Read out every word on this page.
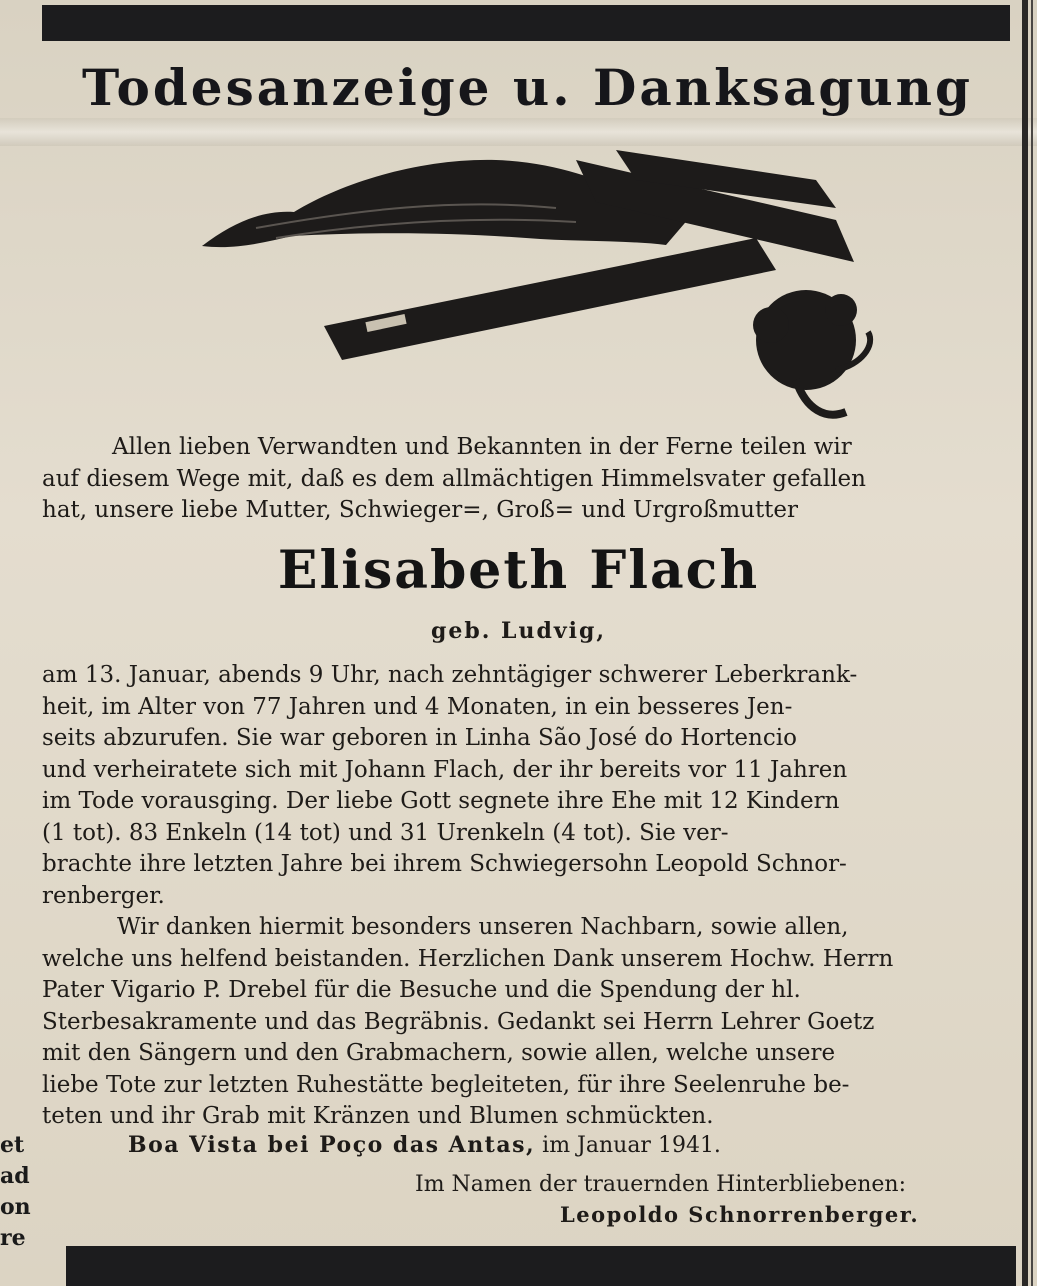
Todesanzeige u. Danksagung
Allen lieben Verwandten und Bekannten in der Ferne teilen wir
auf diesem Wege mit, daß es dem allmächtigen Himmelsvater gefallen
hat, unsere liebe Mutter, Schwieger=, Groß= und Urgroßmutter
Elisabeth Flach
geb. Ludvig,
am 13. Januar, abends 9 Uhr, nach zehntägiger schwerer Leberkrank-
heit, im Alter von 77 Jahren und 4 Monaten, in ein besseres Jen-
seits abzurufen. Sie war geboren in Linha São José do Hortencio
und verheiratete sich mit Johann Flach, der ihr bereits vor 11 Jahren
im Tode vorausging. Der liebe Gott segnete ihre Ehe mit 12 Kindern
(1 tot). 83 Enkeln (14 tot) und 31 Urenkeln (4 tot). Sie ver-
brachte ihre letzten Jahre bei ihrem Schwiegersohn Leopold Schnor-
renberger.
Wir danken hiermit besonders unseren Nachbarn, sowie allen,
welche uns helfend beistanden. Herzlichen Dank unserem Hochw. Herrn
Pater Vigario P. Drebel für die Besuche und die Spendung der hl.
Sterbesakramente und das Begräbnis. Gedankt sei Herrn Lehrer Goetz
mit den Sängern und den Grabmachern, sowie allen, welche unsere
liebe Tote zur letzten Ruhestätte begleiteten, für ihre Seelenruhe be-
teten und ihr Grab mit Kränzen und Blumen schmückten.
Boa Vista bei Poço das Antas, im Januar 1941.
Im Namen der trauernden Hinterbliebenen:
Leopoldo Schnorrenberger.
et
ad
on
re
